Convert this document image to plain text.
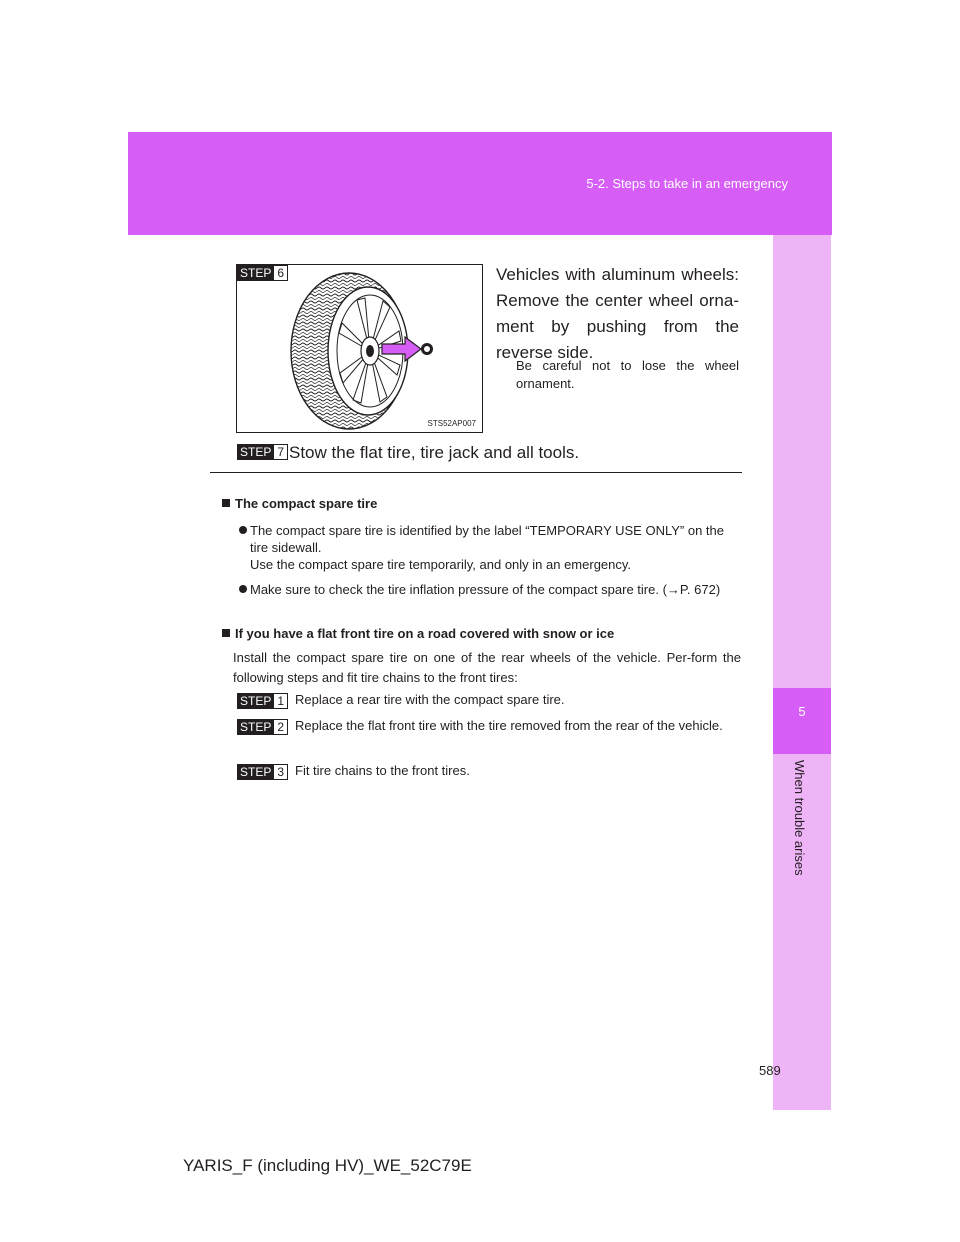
5-2. Steps to take in an emergency
5
When trouble arises
STS52AP007
STEP 6	Vehicles with aluminum wheels: Remove the center wheel orna-ment by pushing from the reverse side.
Be careful not to lose the wheel ornament.
STEP 7 Stow the flat tire, tire jack and all tools.
The compact spare tire
The compact spare tire is identified by the label “TEMPORARY USE ONLY” on the tire sidewall.
Use the compact spare tire temporarily, and only in an emergency.
Make sure to check the tire inflation pressure of the compact spare tire. (→P. 672)
If you have a flat front tire on a road covered with snow or ice
Install the compact spare tire on one of the rear wheels of the vehicle. Per-form the following steps and fit tire chains to the front tires:
STEP 1 Replace a rear tire with the compact spare tire.
STEP 2 Replace the flat front tire with the tire removed from the rear of the vehicle.
STEP 3 Fit tire chains to the front tires.
589
YARIS_F (including HV)_WE_52C79E
